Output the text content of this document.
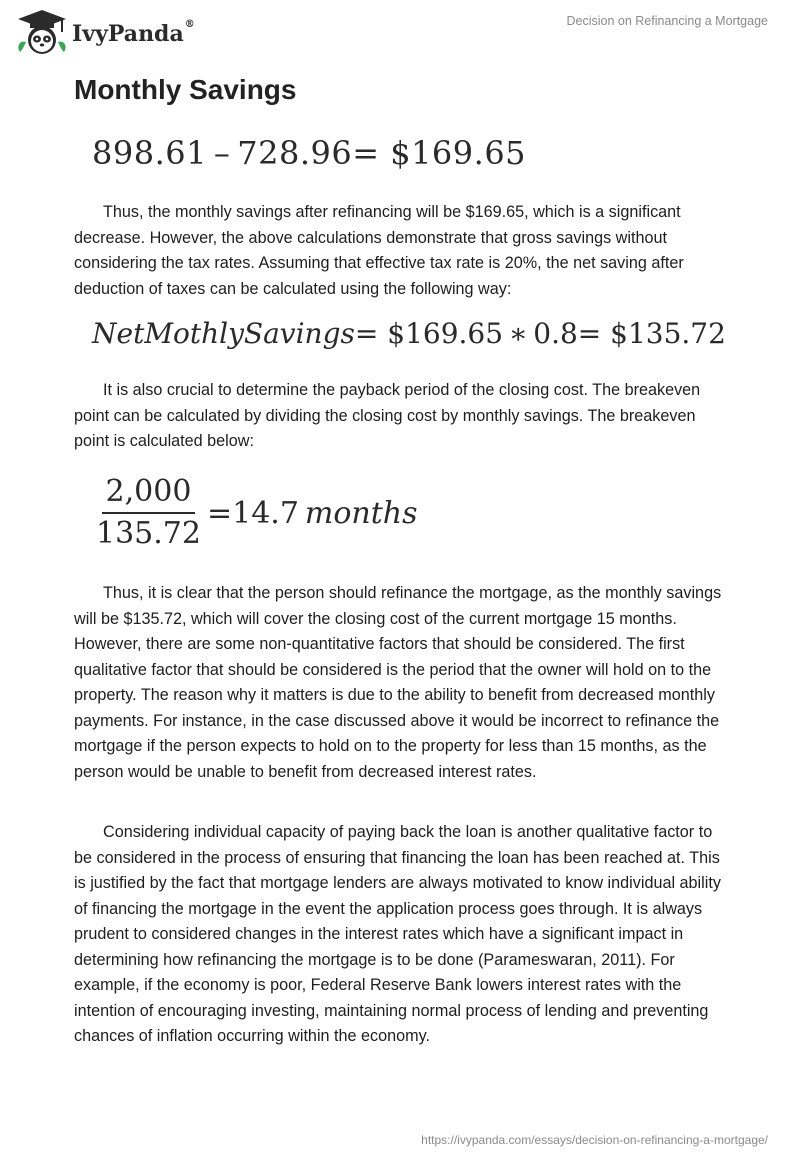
IvyPanda®	Decision on Refinancing a Mortgage
Monthly Savings
898.61 – 728.96= $169.65

Thus, the monthly savings after refinancing will be $169.65, which is a significant decrease. However, the above calculations demonstrate that gross savings without considering the tax rates. Assuming that effective tax rate is 20%, the net saving after deduction of taxes can be calculated using the following way:

NetMothlySavings= $169.65 ∗ 0.8= $135.72

It is also crucial to determine the payback period of the closing cost. The breakeven point can be calculated by dividing the closing cost by monthly savings. The breakeven point is calculated below:

$\frac{2,000}{135.72} =14.7$  months

Thus, it is clear that the person should refinance the mortgage, as the monthly savings will be $135.72, which will cover the closing cost of the current mortgage 15 months. However, there are some non-quantitative factors that should be considered. The first qualitative factor that should be considered is the period that the owner will hold on to the property. The reason why it matters is due to the ability to benefit from decreased monthly payments. For instance, in the case discussed above it would be incorrect to refinance the mortgage if the person expects to hold on to the property for less than 15 months, as the person would be unable to benefit from decreased interest rates.

Considering individual capacity of paying back the loan is another qualitative factor to be considered in the process of ensuring that financing the loan has been reached at. This is justified by the fact that mortgage lenders are always motivated to know individual ability of financing the mortgage in the event the application process goes through. It is always prudent to considered changes in the interest rates which have a significant impact in determining how refinancing the mortgage is to be done (Parameswaran, 2011). For example, if the economy is poor, Federal Reserve Bank lowers interest rates with the intention of encouraging investing, maintaining normal process of lending and preventing chances of inflation occurring within the economy.

https://ivypanda.com/essays/decision-on-refinancing-a-mortgage/
